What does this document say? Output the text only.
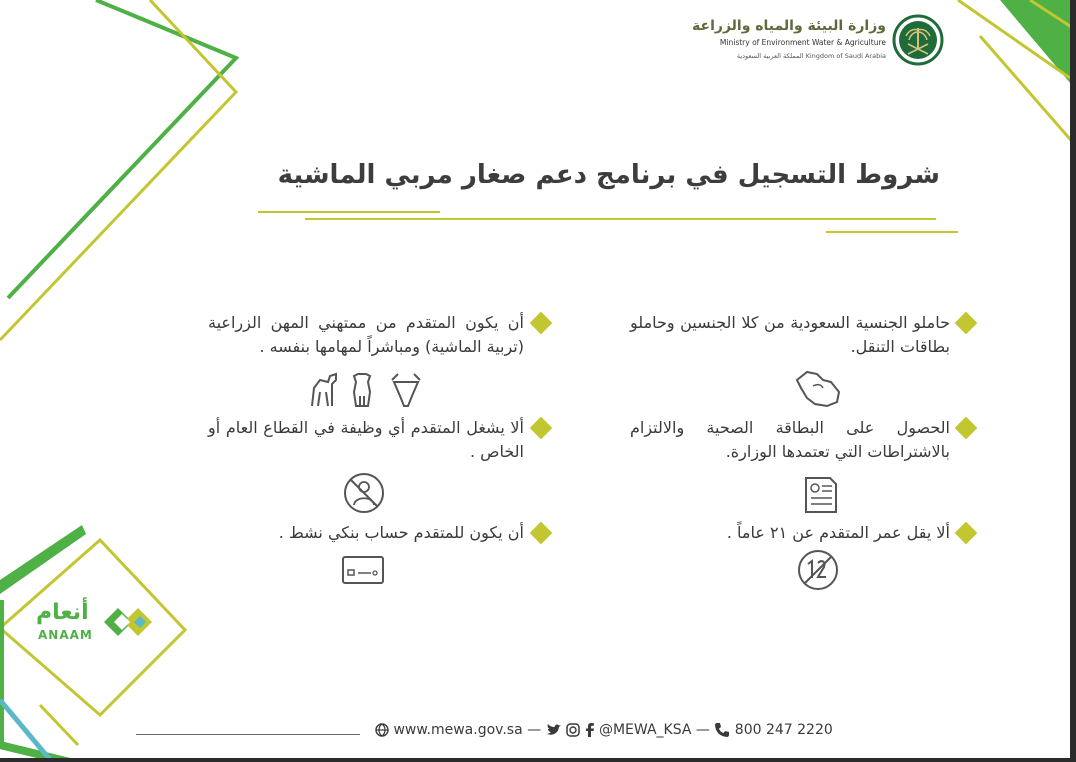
وزارة البيئة والمياه والزراعة
Ministry of Environment Water & Agriculture
Kingdom of Saudi Arabia المملكة العربية السعودية
شروط التسجيل في برنامج دعم صغار مربي الماشية
حاملو الجنسية السعودية من كلا الجنسين وحاملو بطاقات التنقل.
الحصول على البطاقة الصحية والالتزام بالاشتراطات التي تعتمدها الوزارة.
ألا يقل عمر المتقدم عن ٢١ عاماً .
أن يكون المتقدم من ممتهني المهن الزراعية (تربية الماشية) ومباشراً لمهامها بنفسه .
ألا يشغل المتقدم أي وظيفة في القطاع العام أو الخاص .
أن يكون للمتقدم حساب بنكي نشط .
أنعام
ANAAM
www.mewa.gov.sa —	@MEWA_KSA — 800 247 2220
